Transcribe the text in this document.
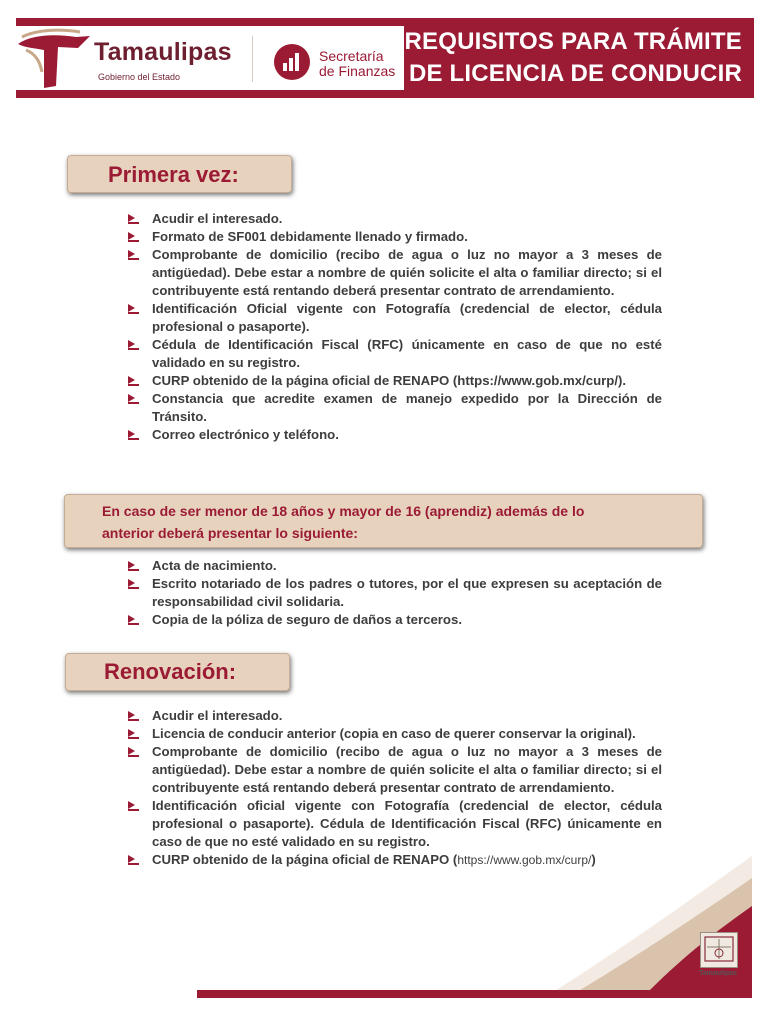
Tamaulipas
Gobierno del Estado
Secretaría
de Finanzas
REQUISITOS PARA TRÁMITE
DE LICENCIA DE CONDUCIR
Primera vez:
Acudir el interesado.
Formato de SF001 debidamente llenado y firmado.
Comprobante de domicilio (recibo de agua o luz no mayor a 3 meses de antigüedad). Debe estar a nombre de quién solicite el alta o familiar directo; si el contribuyente está rentando deberá presentar contrato de arrendamiento.
Identificación Oficial vigente con Fotografía (credencial de elector, cédula profesional o pasaporte).
Cédula de Identificación Fiscal (RFC) únicamente en caso de que no esté validado en su registro.
CURP obtenido de la página oficial de RENAPO (https://www.gob.mx/curp/).
Constancia que acredite examen de manejo expedido por la Dirección de Tránsito.
Correo electrónico y teléfono.
En caso de ser menor de 18 años y mayor de 16 (aprendiz) además de lo anterior deberá presentar lo siguiente:
Acta de nacimiento.
Escrito notariado de los padres o tutores, por el que expresen su aceptación de responsabilidad civil solidaria.
Copia de la póliza de seguro de daños a terceros.
Renovación:
Acudir el interesado.
Licencia de conducir anterior (copia en caso de querer conservar la original).
Comprobante de domicilio (recibo de agua o luz no mayor a 3 meses de antigüedad). Debe estar a nombre de quién solicite el alta o familiar directo; si el contribuyente está rentando deberá presentar contrato de arrendamiento.
Identificación oficial vigente con Fotografía (credencial de elector, cédula profesional o pasaporte). Cédula de Identificación Fiscal (RFC) únicamente en caso de que no esté validado en su registro.
CURP obtenido de la página oficial de RENAPO (https://www.gob.mx/curp/)
Tamaulipas
